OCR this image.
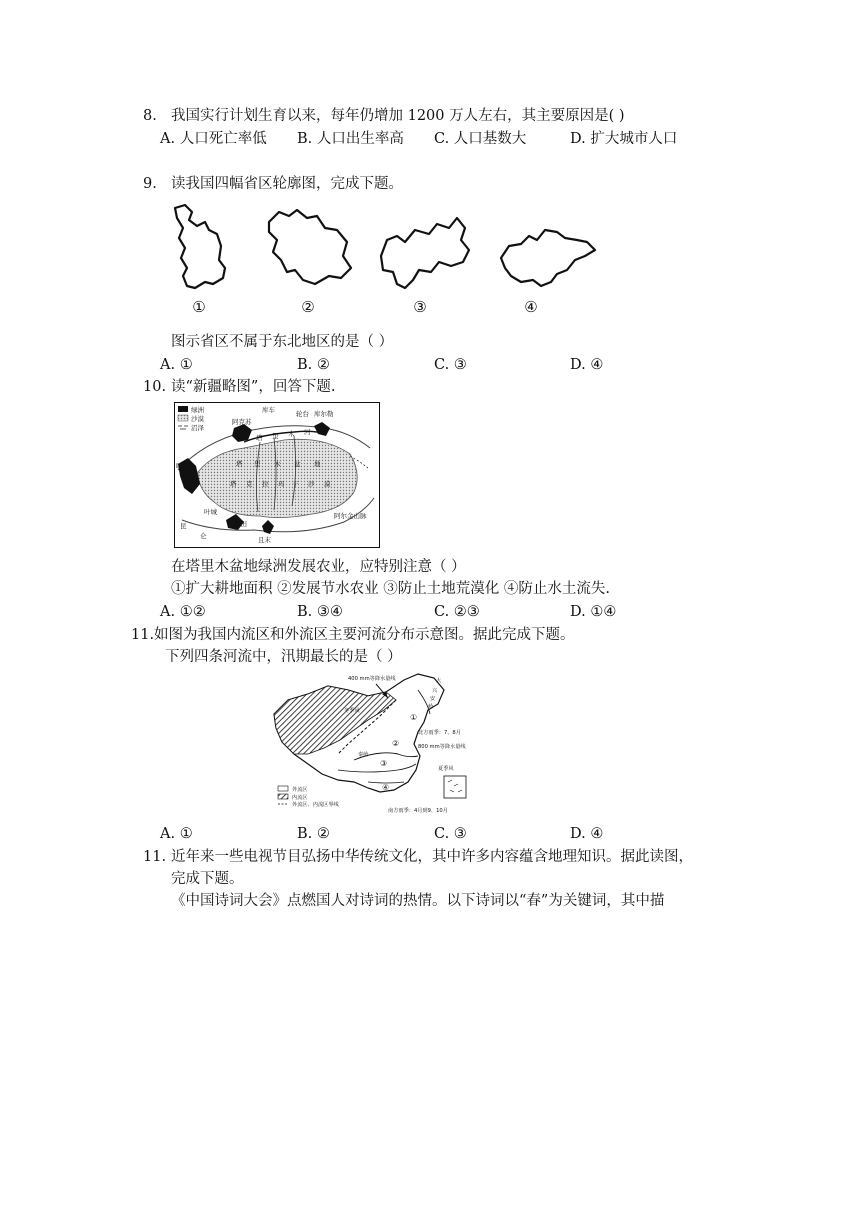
8. 我国实行计划生育以来，每年仍增加 1200 万人左右，其主要原因是( )
A. 人口死亡率低 B. 人口出生率高 C. 人口基数大	D. 扩大城市人口
9. 读我国四幅省区轮廓图，完成下题。
①	②	③	④
图示省区不属于东北地区的是（ ）
A. ①	B. ②	C. ③	D. ④
10. 读“新疆略图”，回答下题.
绿洲
沙漠
沼泽
库车	轮台
阿克苏
库尔勒
塔 里 木 河
塔 里 木 盆 地
塔 克 拉 玛 干 沙 漠
喀什
叶城
昆
仑
和田
且末
阿尔金山脉
在塔里木盆地绿洲发展农业，应特别注意（ ）
①扩大耕地面积 ②发展节水农业 ③防止土地荒漠化 ④防止水土流失.
A. ①②	B. ③④	C. ②③	D. ①④
11. 如图为我国内流区和外流区主要河流分布示意图。据此完成下题。
下列四条河流中，汛期最长的是（ ）
400 mm等降水量线	大
兴
安
岭
冬季风
北方雨季：7、8月
800 mm等降水量线
秦岭
夏季风
南方雨季：4月到9、10月
外流区
内流区
外流区、内流区界线
①
②
③
④
A. ①	B. ②	C. ③	D. ④
11. 近年来一些电视节目弘扬中华传统文化，其中许多内容蕴含地理知识。据此读图，
完成下题。
《中国诗词大会》点燃国人对诗词的热情。以下诗词以“春”为关键词，其中描
